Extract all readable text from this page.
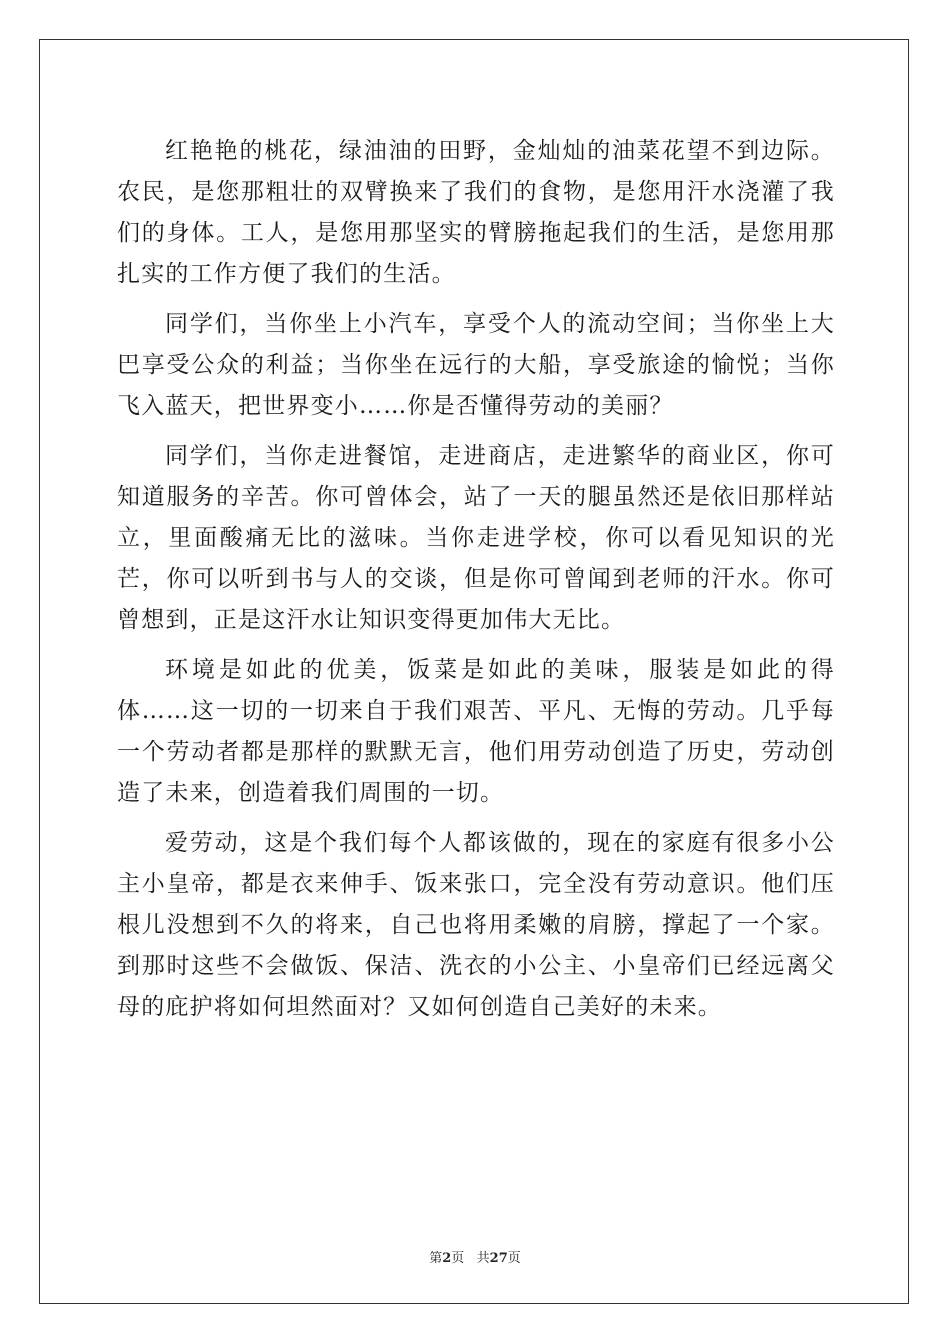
红艳艳的桃花，绿油油的田野，金灿灿的油菜花望不到边际。农民，是您那粗壮的双臂换来了我们的食物，是您用汗水浇灌了我们的身体。工人，是您用那坚实的臂膀拖起我们的生活，是您用那扎实的工作方便了我们的生活。

同学们，当你坐上小汽车，享受个人的流动空间；当你坐上大巴享受公众的利益；当你坐在远行的大船，享受旅途的愉悦；当你飞入蓝天，把世界变小……你是否懂得劳动的美丽？

同学们，当你走进餐馆，走进商店，走进繁华的商业区，你可知道服务的辛苦。你可曾体会，站了一天的腿虽然还是依旧那样站立，里面酸痛无比的滋味。当你走进学校，你可以看见知识的光芒，你可以听到书与人的交谈，但是你可曾闻到老师的汗水。你可曾想到，正是这汗水让知识变得更加伟大无比。

环境是如此的优美，饭菜是如此的美味，服装是如此的得体……这一切的一切来自于我们艰苦、平凡、无悔的劳动。几乎每一个劳动者都是那样的默默无言，他们用劳动创造了历史，劳动创造了未来，创造着我们周围的一切。

爱劳动，这是个我们每个人都该做的，现在的家庭有很多小公主小皇帝，都是衣来伸手、饭来张口，完全没有劳动意识。他们压根儿没想到不久的将来，自己也将用柔嫩的肩膀，撑起了一个家。到那时这些不会做饭、保洁、洗衣的小公主、小皇帝们已经远离父母的庇护将如何坦然面对？又如何创造自己美好的未来。

第2页   共27页
